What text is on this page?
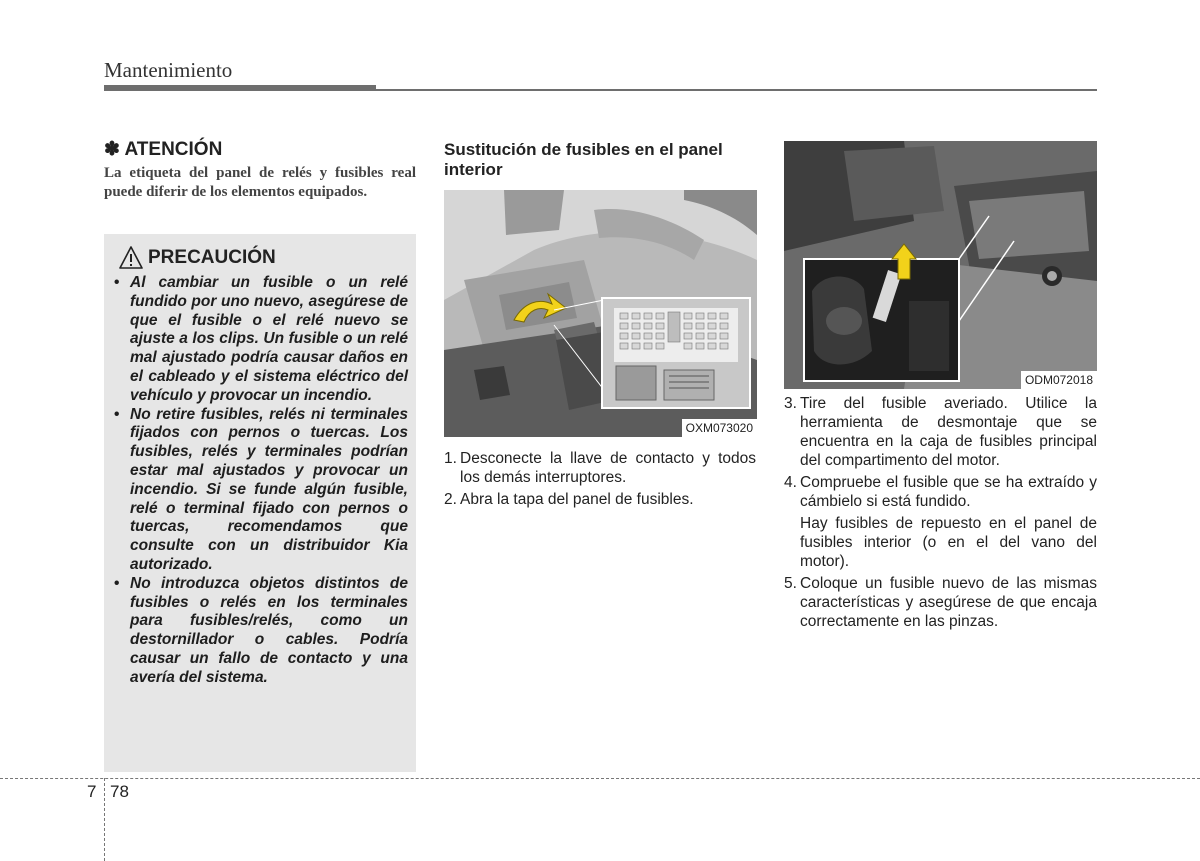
Mantenimiento

✽ ATENCIÓN

La etiqueta del panel de relés y fusibles real puede diferir de los elementos equipados.
PRECAUCIÓN
• Al cambiar un fusible o un relé fundido por uno nuevo, asegúrese de que el fusible o el relé nuevo se ajuste a los clips. Un fusible o un relé mal ajustado podría causar daños en el cableado y el sistema eléctrico del vehículo y provocar un incendio.
• No retire fusibles, relés ni terminales fijados con pernos o tuercas. Los fusibles, relés y terminales podrían estar mal ajustados y provocar un incendio. Si se funde algún fusible, relé o terminal fijado con pernos o tuercas, recomendamos que consulte con un distribuidor Kia autorizado.
• No introduzca objetos distintos de fusibles o relés en los terminales para fusibles/relés, como un destornillador o cables. Podría causar un fallo de contacto y una avería del sistema.
Sustitución de fusibles en el panel interior
OXM073020
1. Desconecte la llave de contacto y todos los demás interruptores.
2. Abra la tapa del panel de fusibles.
ODM072018
3. Tire del fusible averiado. Utilice la herramienta de desmontaje que se encuentra en la caja de fusibles principal del compartimento del motor.
4. Compruebe el fusible que se ha extraído y cámbielo si está fundido.
Hay fusibles de repuesto en el panel de fusibles interior (o en el del vano del motor).
5. Coloque un fusible nuevo de las mismas características y asegúrese de que encaja correctamente en las pinzas.
7 78
